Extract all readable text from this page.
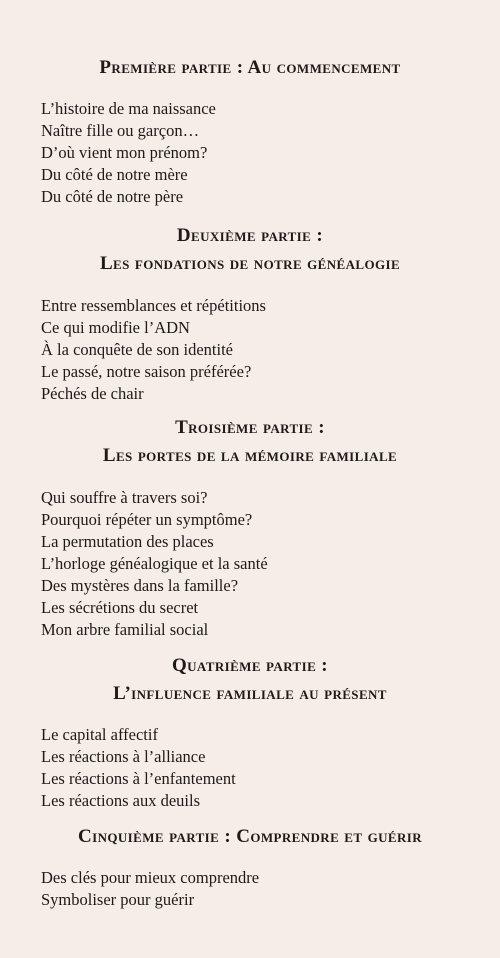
Première partie : Au commencement
L’histoire de ma naissance
Naître fille ou garçon…
D’où vient mon prénom?
Du côté de notre mère
Du côté de notre père
Deuxième partie :
Les fondations de notre généalogie
Entre ressemblances et répétitions
Ce qui modifie l’ADN
À la conquête de son identité
Le passé, notre saison préférée?
Péchés de chair
Troisième partie :
Les portes de la mémoire familiale
Qui souffre à travers soi?
Pourquoi répéter un symptôme?
La permutation des places
L’horloge généalogique et la santé
Des mystères dans la famille?
Les sécrétions du secret
Mon arbre familial social
Quatrième partie :
L’influence familiale au présent
Le capital affectif
Les réactions à l’alliance
Les réactions à l’enfantement
Les réactions aux deuils
Cinquième partie : Comprendre et guérir
Des clés pour mieux comprendre
Symboliser pour guérir
